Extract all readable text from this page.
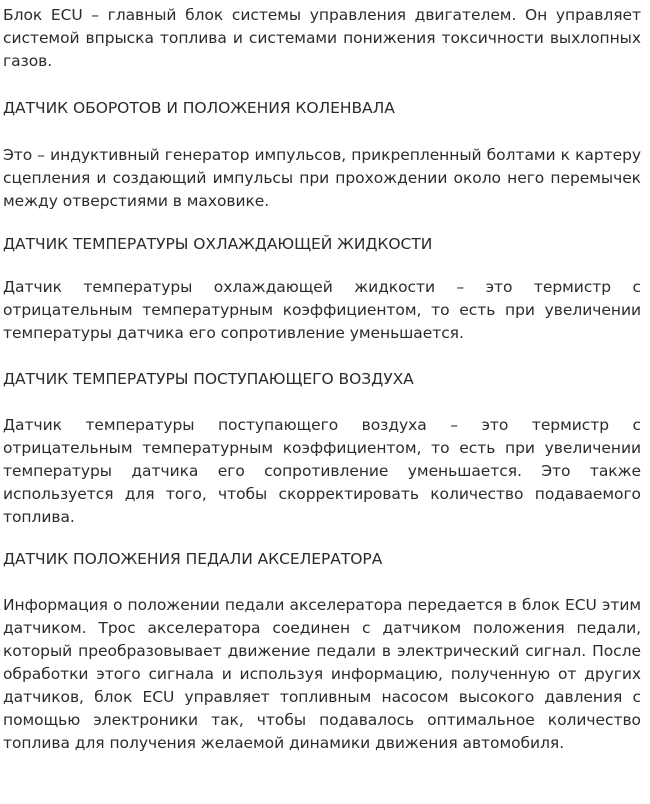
Блок ECU – главный блок системы управления двигателем. Он управляет системой впрыска топлива и системами понижения токсичности выхлопных газов.

ДАТЧИК ОБОРОТОВ И ПОЛОЖЕНИЯ КОЛЕНВАЛА

Это – индуктивный генератор импульсов, прикрепленный болтами к картеру сцепления и создающий импульсы при прохождении около него перемычек между отверстиями в маховике.

ДАТЧИК ТЕМПЕРАТУРЫ ОХЛАЖДАЮЩЕЙ ЖИДКОСТИ

Датчик температуры охлаждающей жидкости – это термистр с отрицательным температурным коэффициентом, то есть при увеличении температуры датчика его сопротивление уменьшается.

ДАТЧИК ТЕМПЕРАТУРЫ ПОСТУПАЮЩЕГО ВОЗДУХА

Датчик температуры поступающего воздуха – это термистр с отрицательным температурным коэффициентом, то есть при увеличении температуры датчика его сопротивление уменьшается. Это также используется для того, чтобы скорректировать количество подаваемого топлива.

ДАТЧИК ПОЛОЖЕНИЯ ПЕДАЛИ АКСЕЛЕРАТОРА

Информация о положении педали акселератора передается в блок ECU этим датчиком. Трос акселератора соединен с датчиком положения педали, который преобразовывает движение педали в электрический сигнал. После обработки этого сигнала и используя информацию, полученную от других датчиков, блок ECU управляет топливным насосом высокого давления с помощью электроники так, чтобы подавалось оптимальное количество топлива для получения желаемой динамики движения автомобиля.
